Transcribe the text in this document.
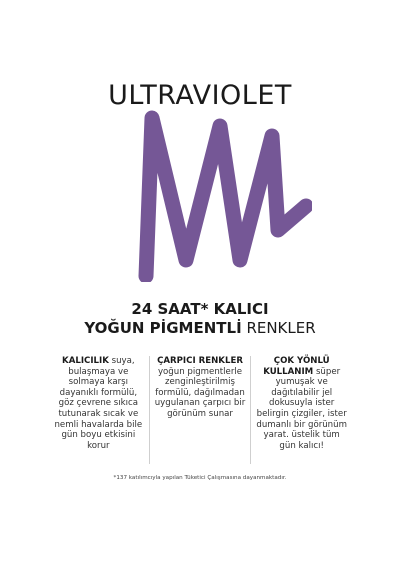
ULTRAVIOLET
24 SAAT* KALICI
YOĞUN PİGMENTLİ RENKLER
KALICILIK suya, bulaşmaya ve solmaya karşı dayanıklı formülü, göz çevrene sıkıca tutunarak sıcak ve nemli havalarda bile gün boyu etkisini korur
ÇARPICI RENKLER yoğun pigmentlerle zenginleştirilmiş formülü, dağılmadan uygulanan çarpıcı bir görünüm sunar
ÇOK YÖNLÜ KULLANIM süper yumuşak ve dağıtılabilir jel dokusuyla ister belirgin çizgiler, ister dumanlı bir görünüm yarat. üstelik tüm gün kalıcı!
*137 katılımcıyla yapılan Tüketici Çalışmasına dayanmaktadır.
